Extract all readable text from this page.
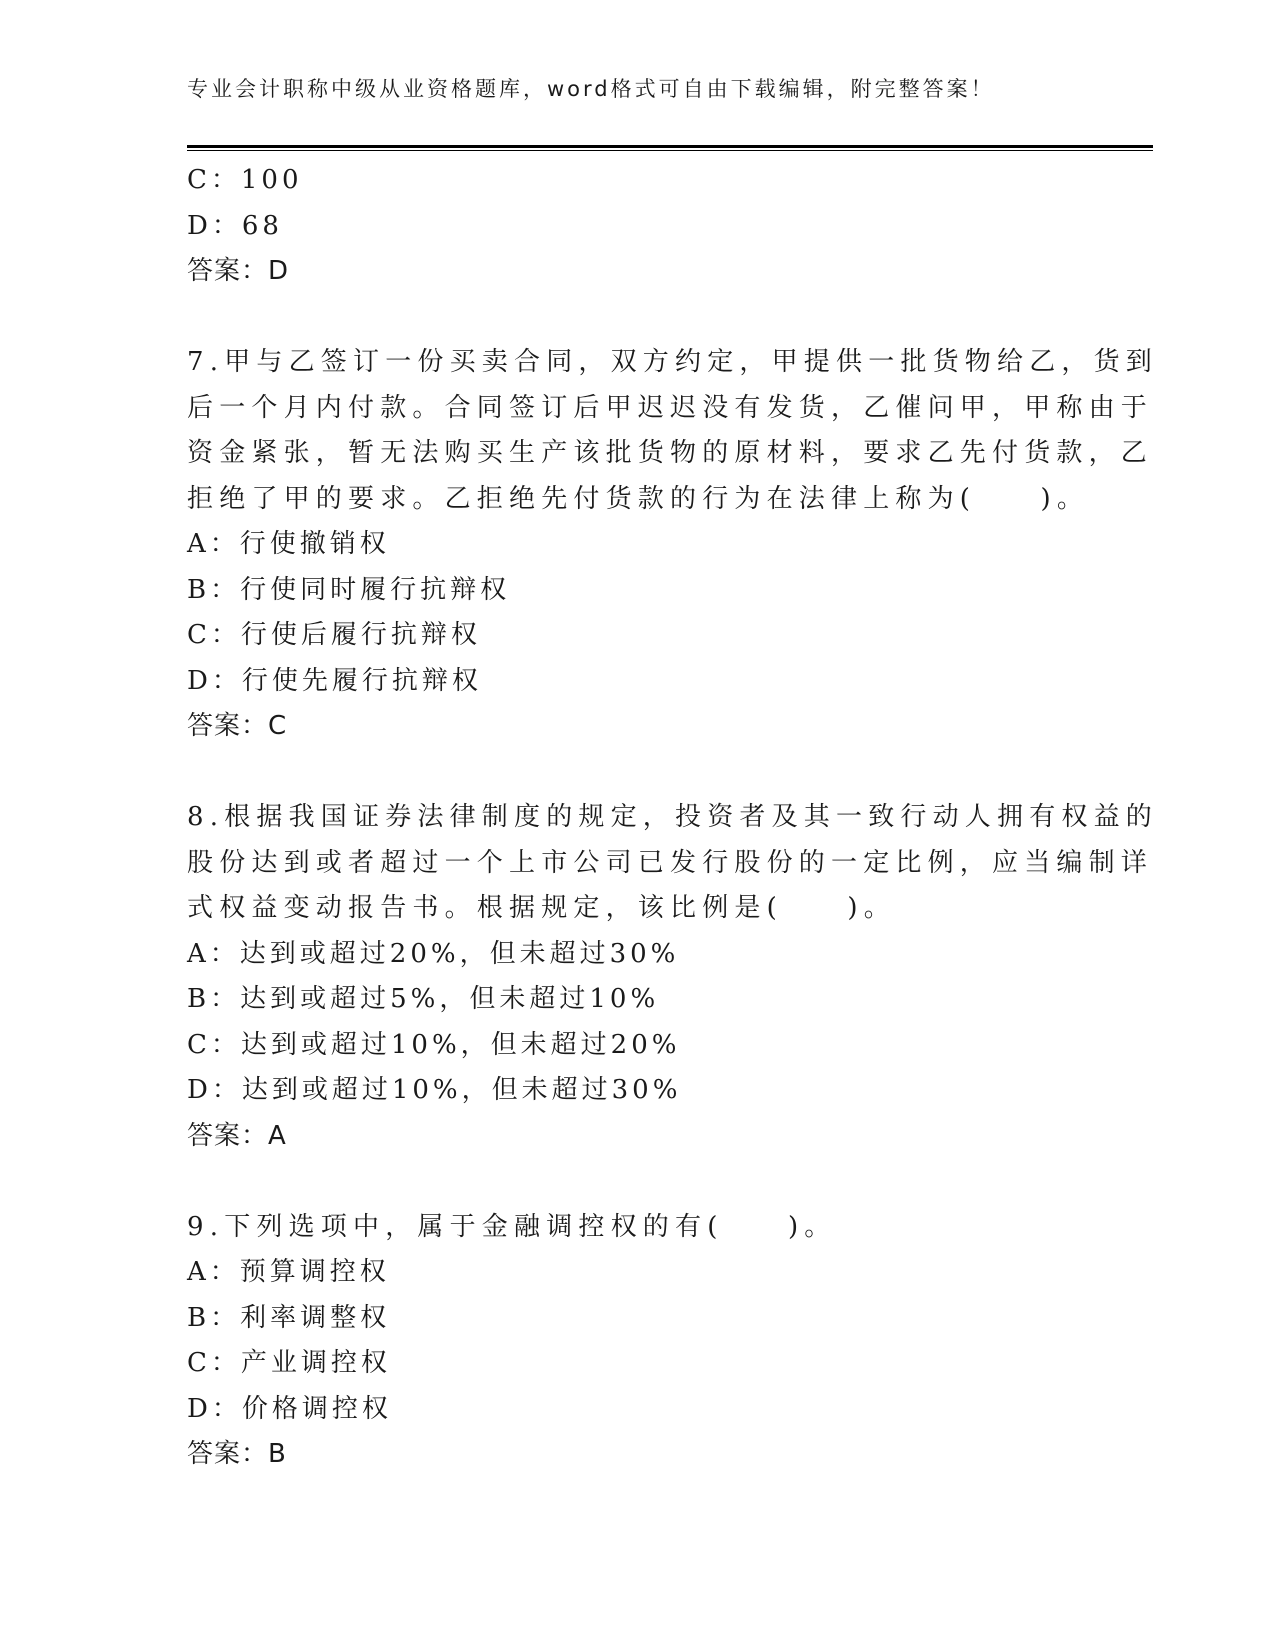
专业会计职称中级从业资格题库，word格式可自由下载编辑，附完整答案！
C：100
D：68
答案：D
7.甲与乙签订一份买卖合同，双方约定，甲提供一批货物给乙，货到
后一个月内付款。合同签订后甲迟迟没有发货，乙催问甲，甲称由于
资金紧张，暂无法购买生产该批货物的原材料，要求乙先付货款，乙
拒绝了甲的要求。乙拒绝先付货款的行为在法律上称为(　　)。
A：行使撤销权
B：行使同时履行抗辩权
C：行使后履行抗辩权
D：行使先履行抗辩权
答案：C
8.根据我国证券法律制度的规定，投资者及其一致行动人拥有权益的
股份达到或者超过一个上市公司已发行股份的一定比例，应当编制详
式权益变动报告书。根据规定，该比例是(　　)。
A：达到或超过20%，但未超过30%
B：达到或超过5%，但未超过10%
C：达到或超过10%，但未超过20%
D：达到或超过10%，但未超过30%
答案：A
9.下列选项中，属于金融调控权的有(　　)。
A：预算调控权
B：利率调整权
C：产业调控权
D：价格调控权
答案：B
